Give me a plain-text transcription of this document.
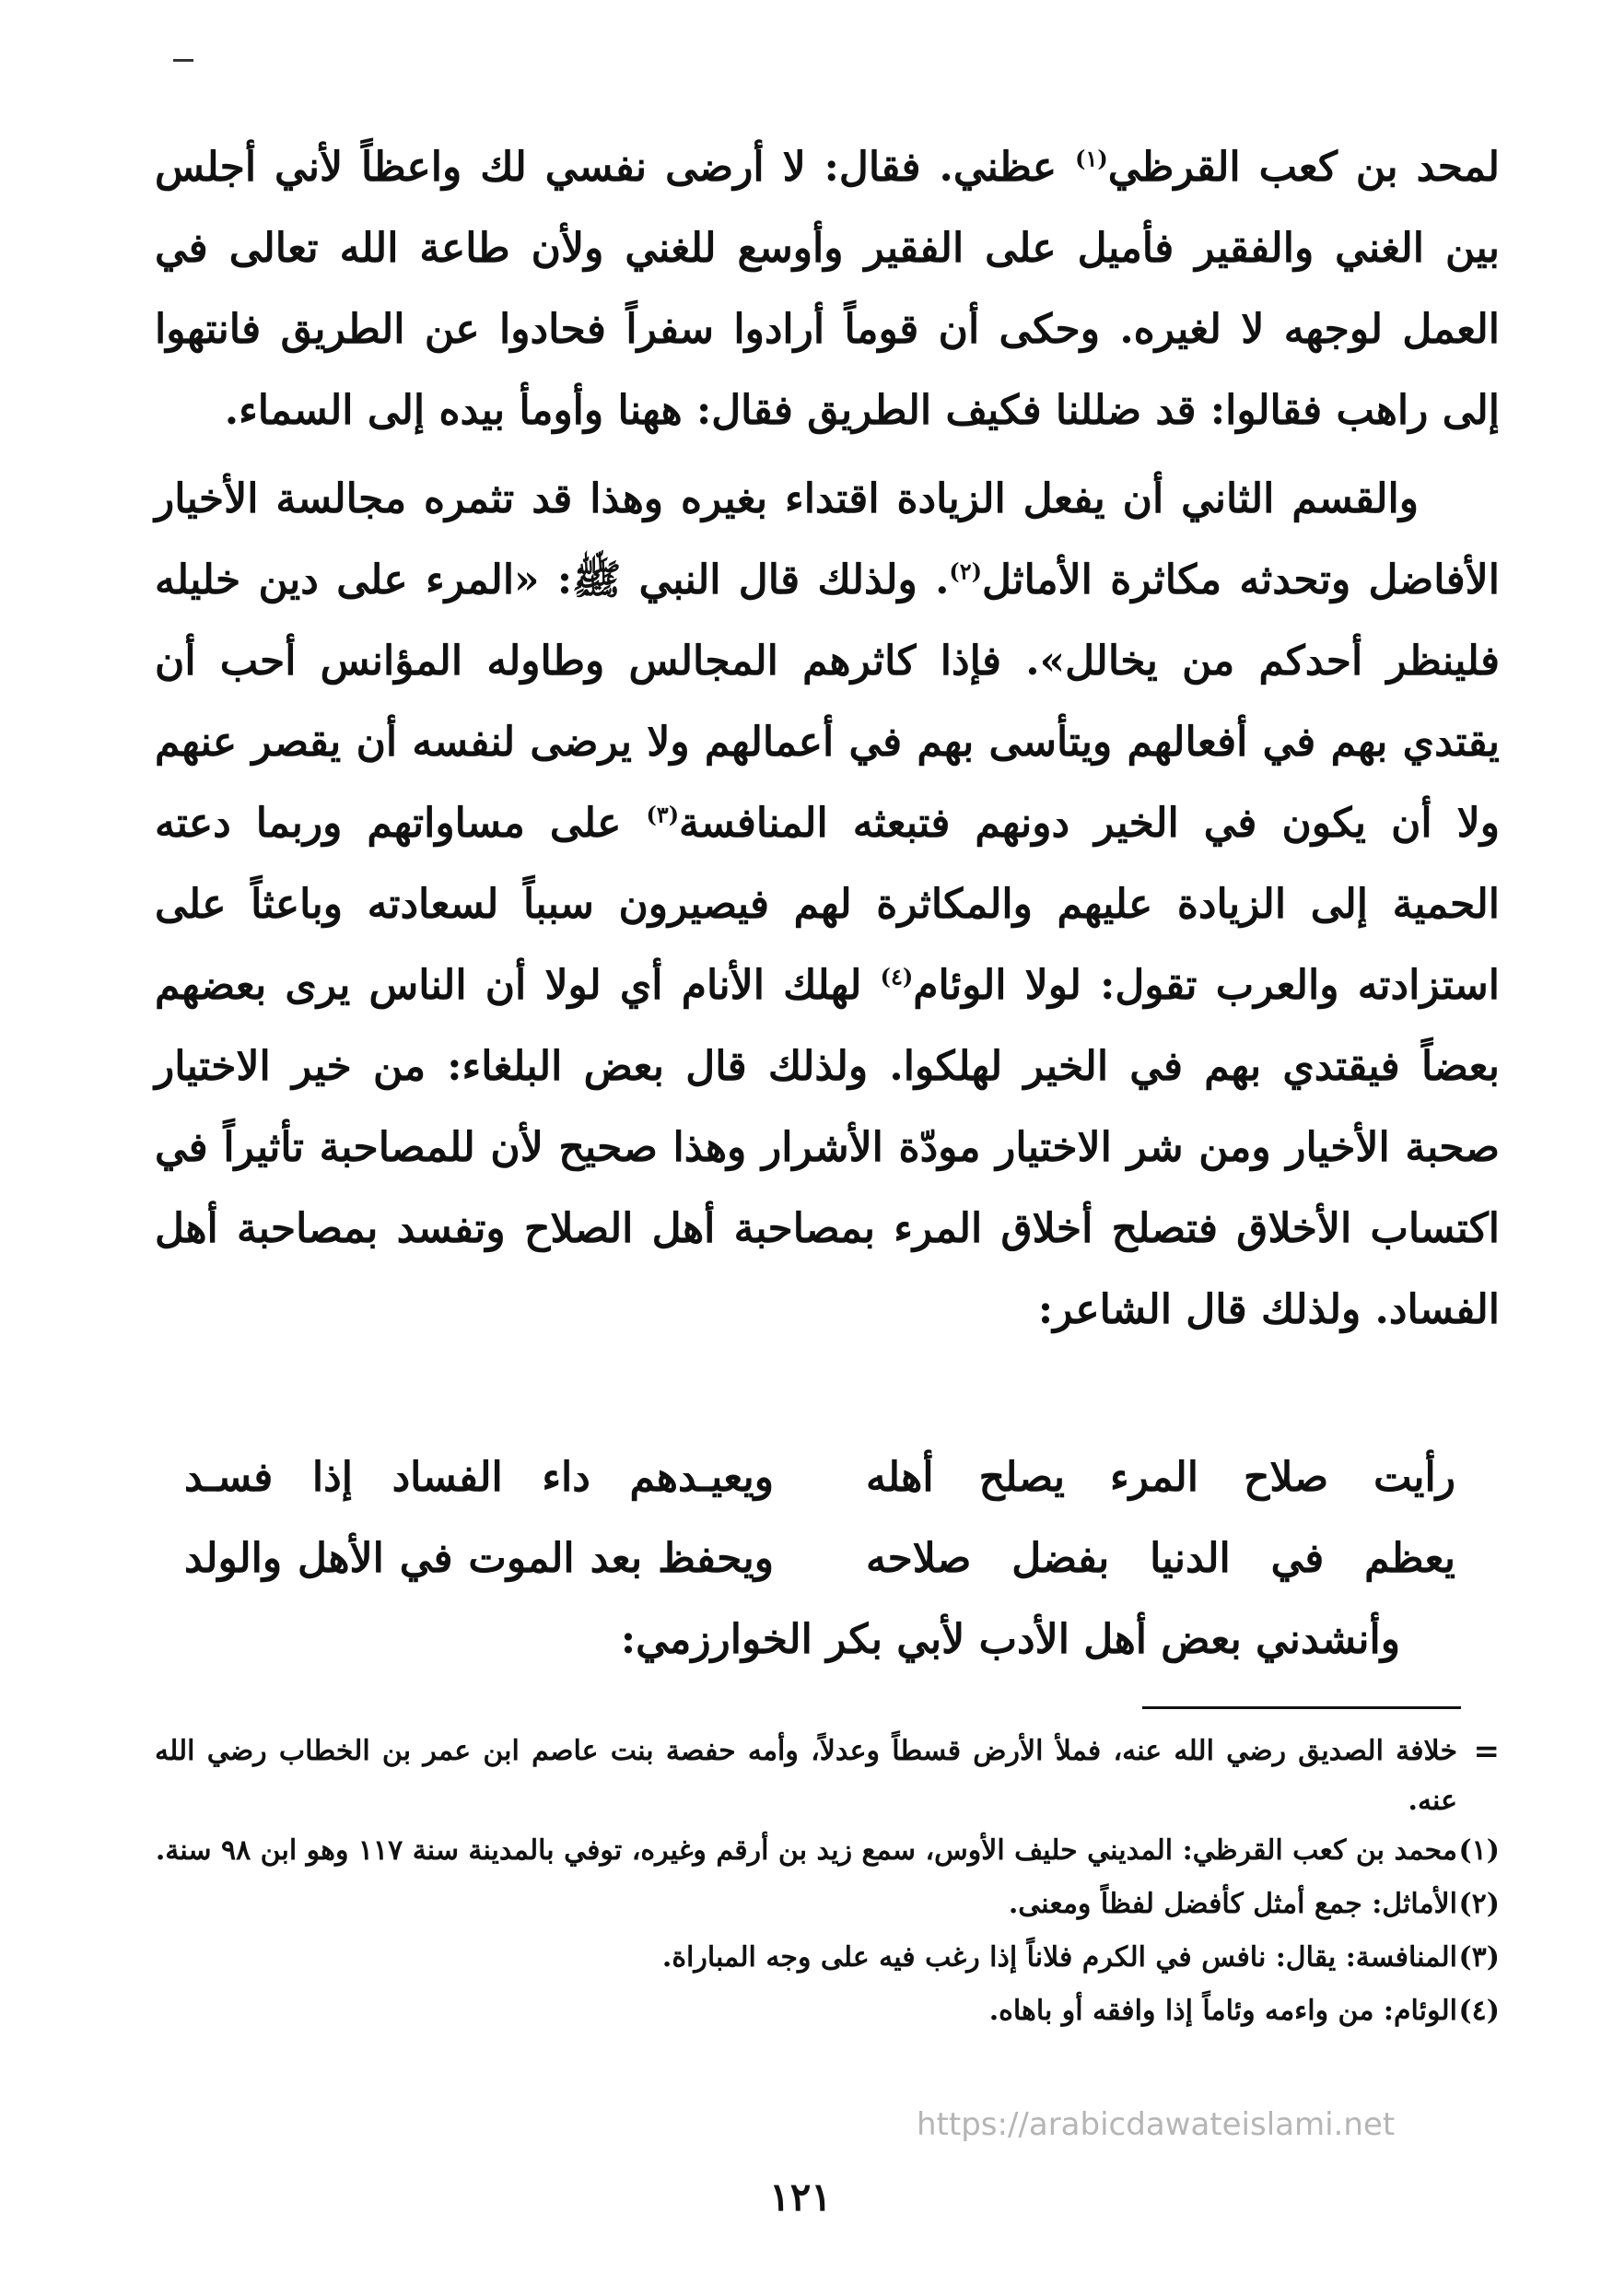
لمحد بن كعب القرظي$^{(١)}$ عظني. فقال: لا أرضى نفسي لك واعظاً لأني أجلس بين الغني والفقير فأميل على الفقير وأوسع للغني ولأن طاعة الله تعالى في العمل لوجهه لا لغيره. وحكى أن قوماً أرادوا سفراً فحادوا عن الطريق فانتهوا إلى راهب فقالوا: قد ضللنا فكيف الطريق فقال: ههنا وأومأ بيده إلى السماء.

والقسم الثاني أن يفعل الزيادة اقتداء بغيره وهذا قد تثمره مجالسة الأخيار الأفاضل وتحدثه مكاثرة الأماثل$^{(٢)}$. ولذلك قال النبي ﷺ: «المرء على دين خليله فلينظر أحدكم من يخالل». فإذا كاثرهم المجالس وطاوله المؤانس أحب أن يقتدي بهم في أفعالهم ويتأسى بهم في أعمالهم ولا يرضى لنفسه أن يقصر عنهم ولا أن يكون في الخير دونهم فتبعثه المنافسة$^{(٣)}$ على مساواتهم وربما دعته الحمية إلى الزيادة عليهم والمكاثرة لهم فيصيرون سبباً لسعادته وباعثاً على استزادته والعرب تقول: لولا الوئام$^{(٤)}$ لهلك الأنام أي لولا أن الناس يرى بعضهم بعضاً فيقتدي بهم في الخير لهلكوا. ولذلك قال بعض البلغاء: من خير الاختيار صحبة الأخيار ومن شر الاختيار مودّة الأشرار وهذا صحيح لأن للمصاحبة تأثيراً في اكتساب الأخلاق فتصلح أخلاق المرء بمصاحبة أهل الصلاح وتفسد بمصاحبة أهل الفساد. ولذلك قال الشاعر:

رأيت صلاح المرء يصلح أهله
ويعيـدهم داء الفساد إذا فسـد
يعظم في الدنيا بفضل صلاحه
ويحفظ بعد الموت في الأهل والولد
وأنشدني بعض أهل الأدب لأبي بكر الخوارزمي:

=
خلافة الصديق رضي الله عنه، فملأ الأرض قسطاً وعدلاً، وأمه حفصة بنت عاصم ابن عمر بن الخطاب رضي الله عنه.

(١)محمد بن كعب القرظي: المديني حليف الأوس، سمع زيد بن أرقم وغيره، توفي بالمدينة سنة ١١٧ وهو ابن ٩٨ سنة.

(٢)الأماثل: جمع أمثل كأفضل لفظاً ومعنى.

(٣)المنافسة: يقال: نافس في الكرم فلاناً إذا رغب فيه على وجه المباراة.

(٤)الوئام: من واءمه وئاماً إذا وافقه أو باهاه.

https://arabicdawateislami.net
١٢١
